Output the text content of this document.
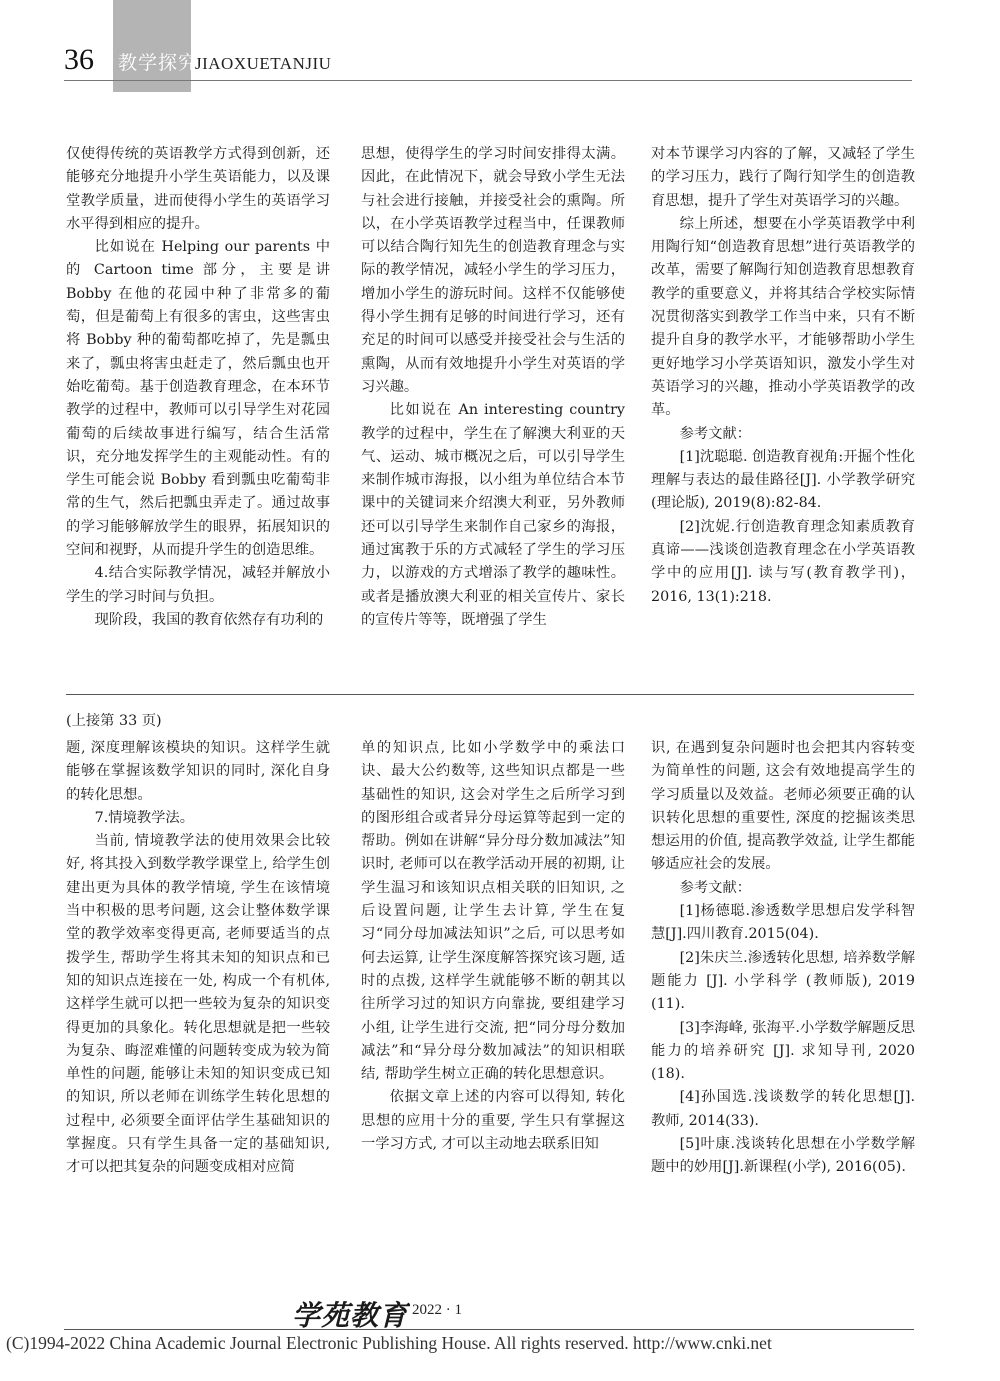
36 教学探究
JIAOXUETANJIU

仅使得传统的英语教学方式得到创新，还能够充分地提升小学生英语能力，以及课堂教学质量，进而使得小学生的英语学习水平得到相应的提升。

比如说在 Helping our parents 中的 Cartoon time 部分，主要是讲 Bobby 在他的花园中种了非常多的葡萄，但是葡萄上有很多的害虫，这些害虫将 Bobby 种的葡萄都吃掉了，先是瓢虫来了，瓢虫将害虫赶走了，然后瓢虫也开始吃葡萄。基于创造教育理念，在本环节教学的过程中，教师可以引导学生对花园葡萄的后续故事进行编写，结合生活常识，充分地发挥学生的主观能动性。有的学生可能会说 Bobby 看到瓢虫吃葡萄非常的生气，然后把瓢虫弄走了。通过故事的学习能够解放学生的眼界，拓展知识的空间和视野，从而提升学生的创造思维。

4.结合实际教学情况，减轻并解放小学生的学习时间与负担。

现阶段，我国的教育依然存有功利的

思想，使得学生的学习时间安排得太满。因此，在此情况下，就会导致小学生无法与社会进行接触，并接受社会的熏陶。所以，在小学英语教学过程当中，任课教师可以结合陶行知先生的创造教育理念与实际的教学情况，减轻小学生的学习压力，增加小学生的游玩时间。这样不仅能够使得小学生拥有足够的时间进行学习，还有充足的时间可以感受并接受社会与生活的熏陶，从而有效地提升小学生对英语的学习兴趣。

比如说在 An interesting country 教学的过程中，学生在了解澳大利亚的天气、运动、城市概况之后，可以引导学生来制作城市海报，以小组为单位结合本节课中的关键词来介绍澳大利亚，另外教师还可以引导学生来制作自己家乡的海报，通过寓教于乐的方式减轻了学生的学习压力，以游戏的方式增添了教学的趣味性。或者是播放澳大利亚的相关宣传片、家长的宣传片等等，既增强了学生

对本节课学习内容的了解，又减轻了学生的学习压力，践行了陶行知学生的创造教育思想，提升了学生对英语学习的兴趣。

综上所述，想要在小学英语教学中利用陶行知“创造教育思想”进行英语教学的改革，需要了解陶行知创造教育思想教育教学的重要意义，并将其结合学校实际情况贯彻落实到教学工作当中来，只有不断提升自身的教学水平，才能够帮助小学生更好地学习小学英语知识，激发小学生对英语学习的兴趣，推动小学英语教学的改革。

参考文献：

[1]沈聪聪. 创造教育视角:开掘个性化理解与表达的最佳路径[J]. 小学教学研究(理论版), 2019(8):82-84.

[2]沈妮.行创造教育理念知素质教育真谛——浅谈创造教育理念在小学英语教学中的应用[J]. 读与写(教育教学刊)，2016, 13(1):218.

(上接第 33 页)

题, 深度理解该模块的知识。这样学生就能够在掌握该数学知识的同时, 深化自身的转化思想。

7.情境教学法。

当前, 情境教学法的使用效果会比较好, 将其投入到数学教学课堂上, 给学生创建出更为具体的教学情境, 学生在该情境当中积极的思考问题, 这会让整体数学课堂的教学效率变得更高, 老师要适当的点拨学生, 帮助学生将其未知的知识点和已知的知识点连接在一处, 构成一个有机体, 这样学生就可以把一些较为复杂的知识变得更加的具象化。转化思想就是把一些较为复杂、晦涩难懂的问题转变成为较为简单性的问题, 能够让未知的知识变成已知的知识, 所以老师在训练学生转化思想的过程中, 必须要全面评估学生基础知识的掌握度。只有学生具备一定的基础知识, 才可以把其复杂的问题变成相对应简

单的知识点, 比如小学数学中的乘法口诀、最大公约数等, 这些知识点都是一些基础性的知识, 这会对学生之后所学习到的图形组合或者异分母运算等起到一定的帮助。例如在讲解“异分母分数加减法”知识时, 老师可以在教学活动开展的初期, 让学生温习和该知识点相关联的旧知识, 之后设置问题, 让学生去计算, 学生在复习“同分母加减法知识”之后, 可以思考如何去运算, 让学生深度解答探究该习题, 适时的点拨, 这样学生就能够不断的朝其以往所学习过的知识方向靠拢, 要组建学习小组, 让学生进行交流, 把“同分母分数加减法”和“异分母分数加减法”的知识相联结, 帮助学生树立正确的转化思想意识。

依据文章上述的内容可以得知, 转化思想的应用十分的重要, 学生只有掌握这一学习方式, 才可以主动地去联系旧知

识, 在遇到复杂问题时也会把其内容转变为简单性的问题, 这会有效地提高学生的学习质量以及效益。老师必须要正确的认识转化思想的重要性, 深度的挖掘该类思想运用的价值, 提高教学效益, 让学生都能够适应社会的发展。

参考文献：

[1]杨德聪.渗透数学思想启发学科智慧[J].四川教育.2015(04).

[2]朱庆兰.渗透转化思想, 培养数学解题能力 [J]. 小学科学 (教师版), 2019 (11).

[3]李海峰, 张海平.小学数学解题反思能力的培养研究 [J]. 求知导刊, 2020 (18).

[4]孙国选.浅谈数学的转化思想[J]. 教师, 2014(33).

[5]叶康.浅谈转化思想在小学数学解题中的妙用[J].新课程(小学), 2016(05).

学苑教育 2022 · 1
(C)1994-2022 China Academic Journal Electronic Publishing House. All rights reserved. http://www.cnki.net
